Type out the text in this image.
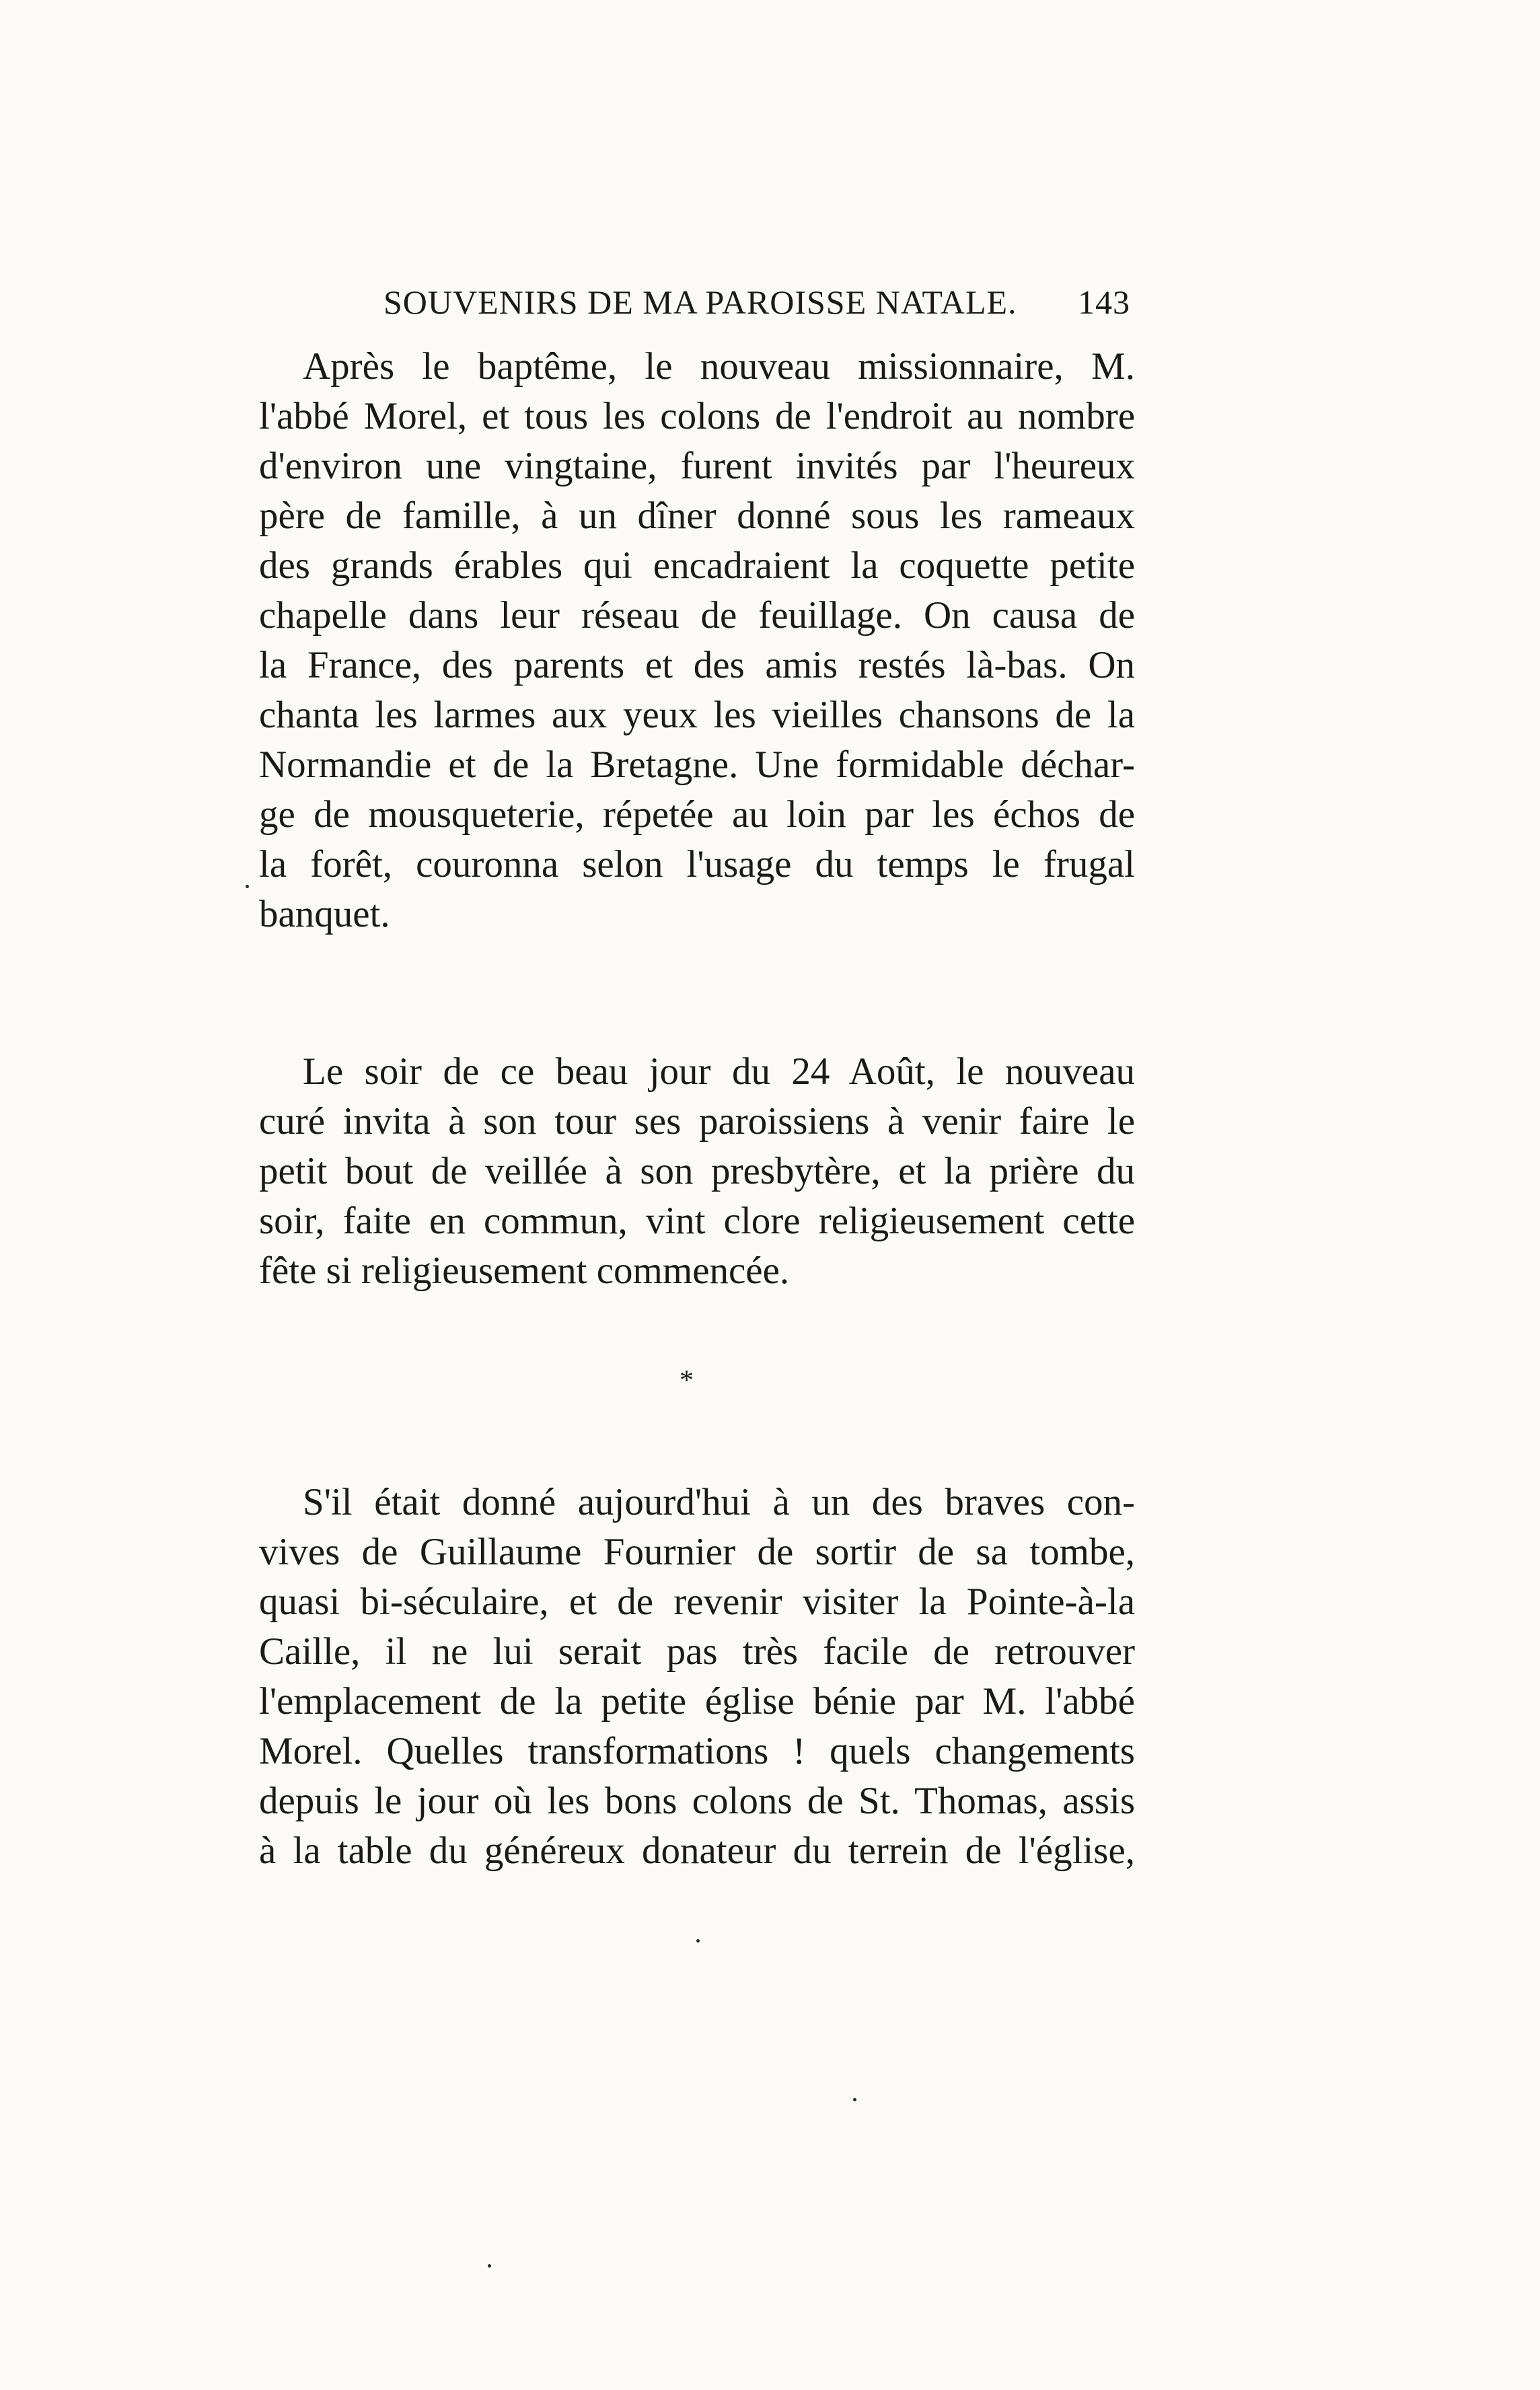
SOUVENIRS DE MA PAROISSE NATALE. 143
Après le baptême, le nouveau missionnaire, M.
l'abbé Morel, et tous les colons de l'endroit au nombre
d'environ une vingtaine, furent invités par l'heureux
père de famille, à un dîner donné sous les rameaux
des grands érables qui encadraient la coquette petite
chapelle dans leur réseau de feuillage. On causa de
la France, des parents et des amis restés là-bas. On
chanta les larmes aux yeux les vieilles chansons de la
Normandie et de la Bretagne. Une formidable déchar-
ge de mousqueterie, répetée au loin par les échos de
la forêt, couronna selon l'usage du temps le frugal
banquet.
Le soir de ce beau jour du 24 Août, le nouveau
curé invita à son tour ses paroissiens à venir faire le
petit bout de veillée à son presbytère, et la prière du
soir, faite en commun, vint clore religieusement cette
fête si religieusement commencée.
*
S'il était donné aujourd'hui à un des braves con-
vives de Guillaume Fournier de sortir de sa tombe,
quasi bi-séculaire, et de revenir visiter la Pointe-à-la
Caille, il ne lui serait pas très facile de retrouver
l'emplacement de la petite église bénie par M. l'abbé
Morel. Quelles transformations ! quels changements
depuis le jour où les bons colons de St. Thomas, assis
à la table du généreux donateur du terrein de l'église,
